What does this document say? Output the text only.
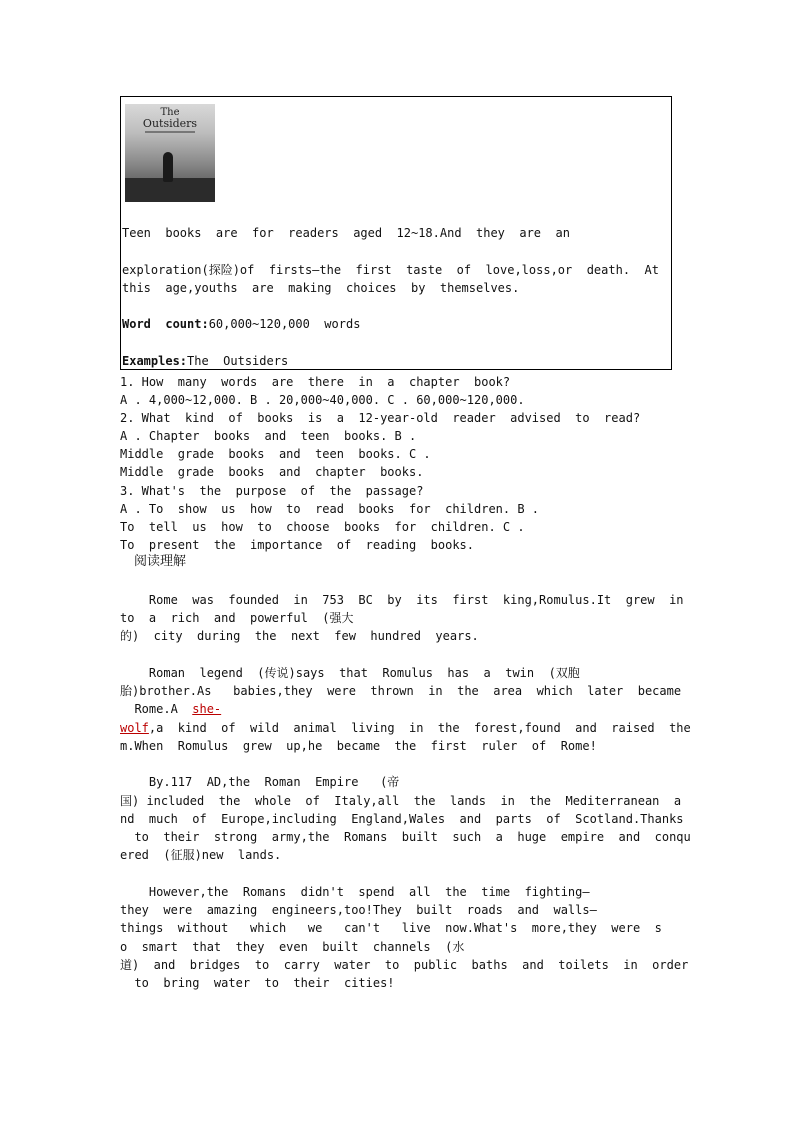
The
Outsiders
Teen  books  are  for  readers  aged  12~18.And  they  are  an
exploration(探险)of  firsts—the  first  taste  of  love,loss,or  death.  At
this  age,youths  are  making  choices  by  themselves.
Word  count:60,000~120,000  words
Examples:The  Outsiders
1. How  many  words  are  there  in  a  chapter  book?
A . 4,000~12,000. B . 20,000~40,000. C . 60,000~120,000.
2. What  kind  of  books  is  a  12-year-old  reader  advised  to  read?
A . Chapter  books  and  teen  books. B .
Middle  grade  books  and  teen  books. C .
Middle  grade  books  and  chapter  books.
3. What's  the  purpose  of  the  passage?
A . To  show  us  how  to  read  books  for  children. B .
To  tell  us  how  to  choose  books  for  children. C .
To  present  the  importance  of  reading  books.
阅读理解
Rome  was  founded  in  753  BC  by  its  first  king,Romulus.It  grew  in
to  a  rich  and  powerful  (强大
的)  city  during  the  next  few  hundred  years.
Roman  legend  (传说)says  that  Romulus  has  a  twin  (双胞
胎)brother.As   babies,they  were  thrown  in  the  area  which  later  became
Rome.A  she-
wolf,a  kind  of  wild  animal  living  in  the  forest,found  and  raised  the
m.When  Romulus  grew  up,he  became  the  first  ruler  of  Rome!
By.117  AD,the  Roman  Empire   (帝
国) included  the  whole  of  Italy,all  the  lands  in  the  Mediterranean  a
nd  much  of  Europe,including  England,Wales  and  parts  of  Scotland.Thanks
to  their  strong  army,the  Romans  built  such  a  huge  empire  and  conqu
ered  (征服)new  lands.
However,the  Romans  didn't  spend  all  the  time  fighting—
they  were  amazing  engineers,too!They  built  roads  and  walls—
things  without   which   we   can't   live  now.What's  more,they  were  s
o  smart  that  they  even  built  channels  (水
道)  and  bridges  to  carry  water  to  public  baths  and  toilets  in  order
to  bring  water  to  their  cities!
